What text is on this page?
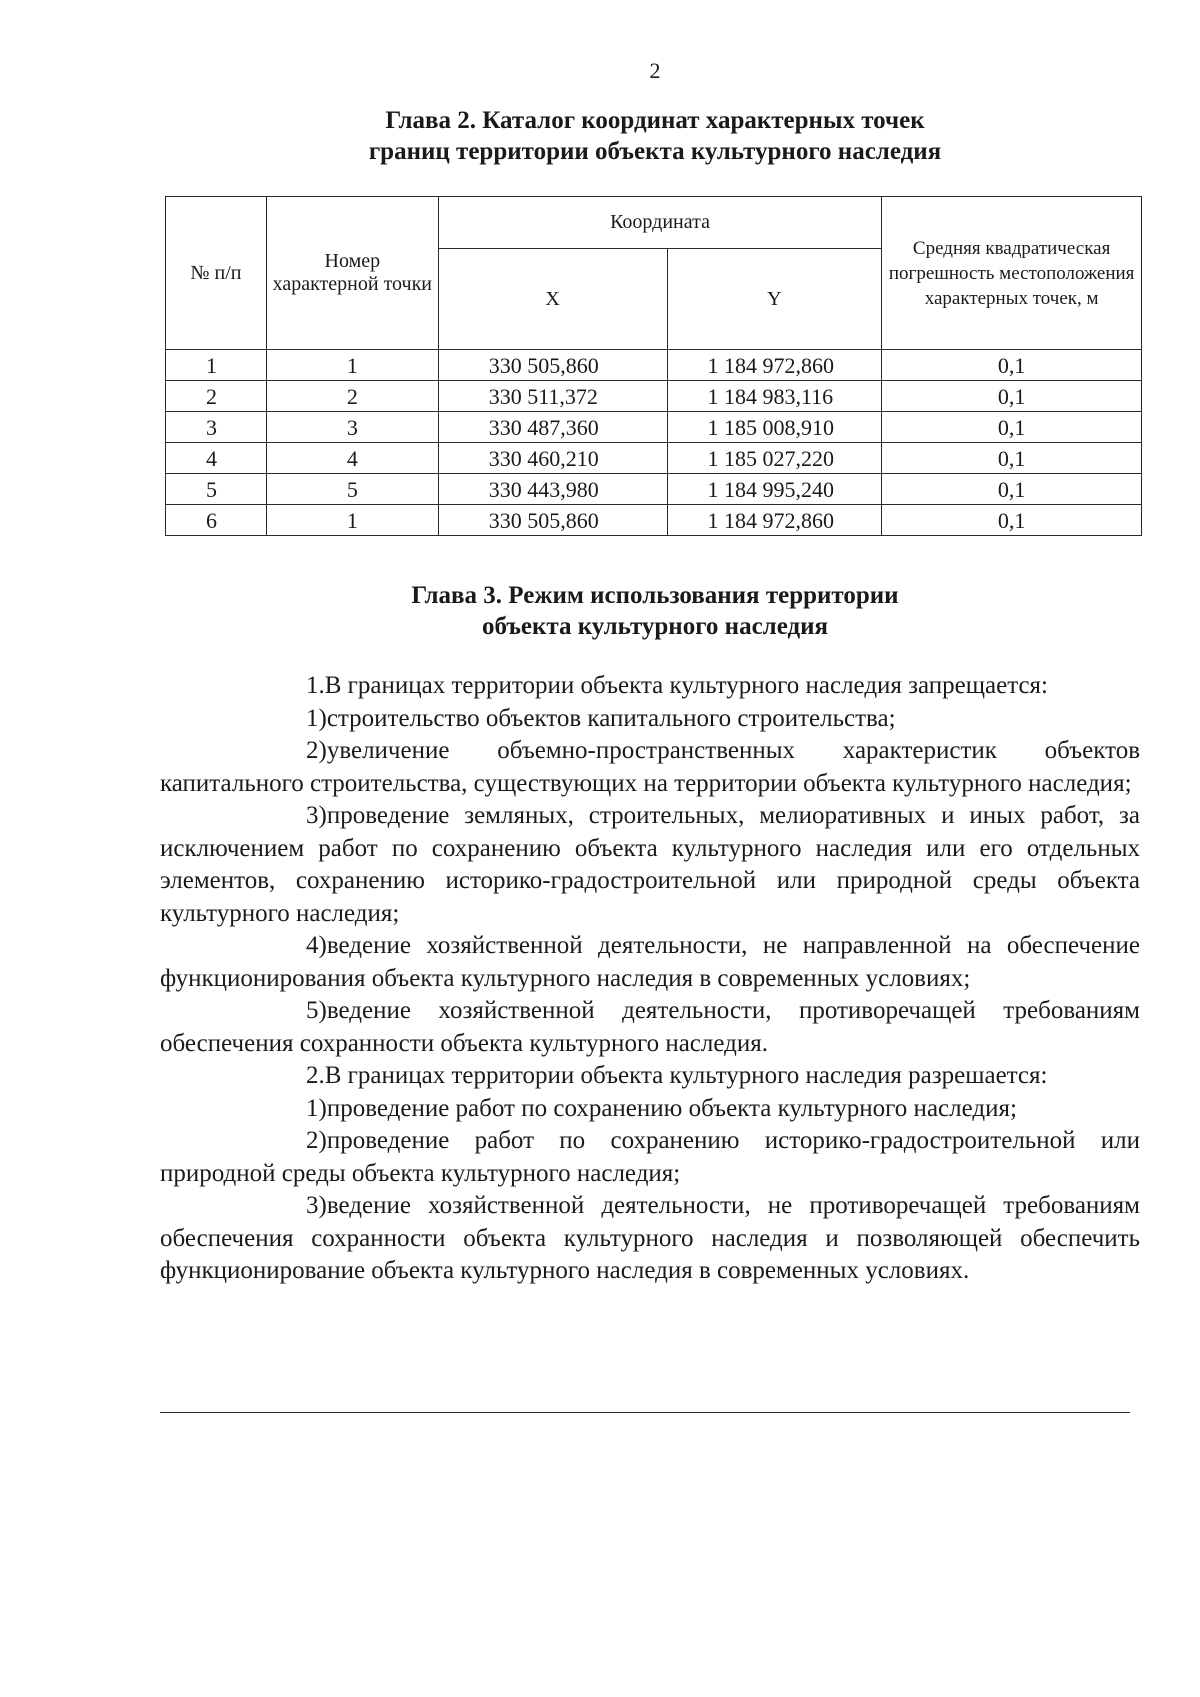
2
Глава 2. Каталог координат характерных точек
границ территории объекта культурного наследия
№ п/п	Номер характерной точки	Координата		Средняя квадратическая погрешность местоположения характерных точек, м
		X	Y	
1	1	330 505,860	1 184 972,860	0,1
2	2	330 511,372	1 184 983,116	0,1
3	3	330 487,360	1 185 008,910	0,1
4	4	330 460,210	1 185 027,220	0,1
5	5	330 443,980	1 184 995,240	0,1
6	1	330 505,860	1 184 972,860	0,1
Глава 3. Режим использования территории
объекта культурного наследия

1.В границах территории объекта культурного наследия запрещается:

1)строительство объектов капитального строительства;

2)увеличение объемно-пространственных характеристик объектов капитального строительства, существующих на территории объекта культурного наследия;

3)проведение земляных, строительных, мелиоративных и иных работ, за исключением работ по сохранению объекта культурного наследия или его отдельных элементов, сохранению историко-градостроительной или природной среды объекта культурного наследия;

4)ведение хозяйственной деятельности, не направленной на обеспечение функционирования объекта культурного наследия в современных условиях;

5)ведение хозяйственной деятельности, противоречащей требованиям обеспечения сохранности объекта культурного наследия.

2.В границах территории объекта культурного наследия разрешается:

1)проведение работ по сохранению объекта культурного наследия;

2)проведение работ по сохранению историко-градостроительной или природной среды объекта культурного наследия;

3)ведение хозяйственной деятельности, не противоречащей требованиям обеспечения сохранности объекта культурного наследия и позволяющей обеспечить функционирование объекта культурного наследия в современных условиях.
